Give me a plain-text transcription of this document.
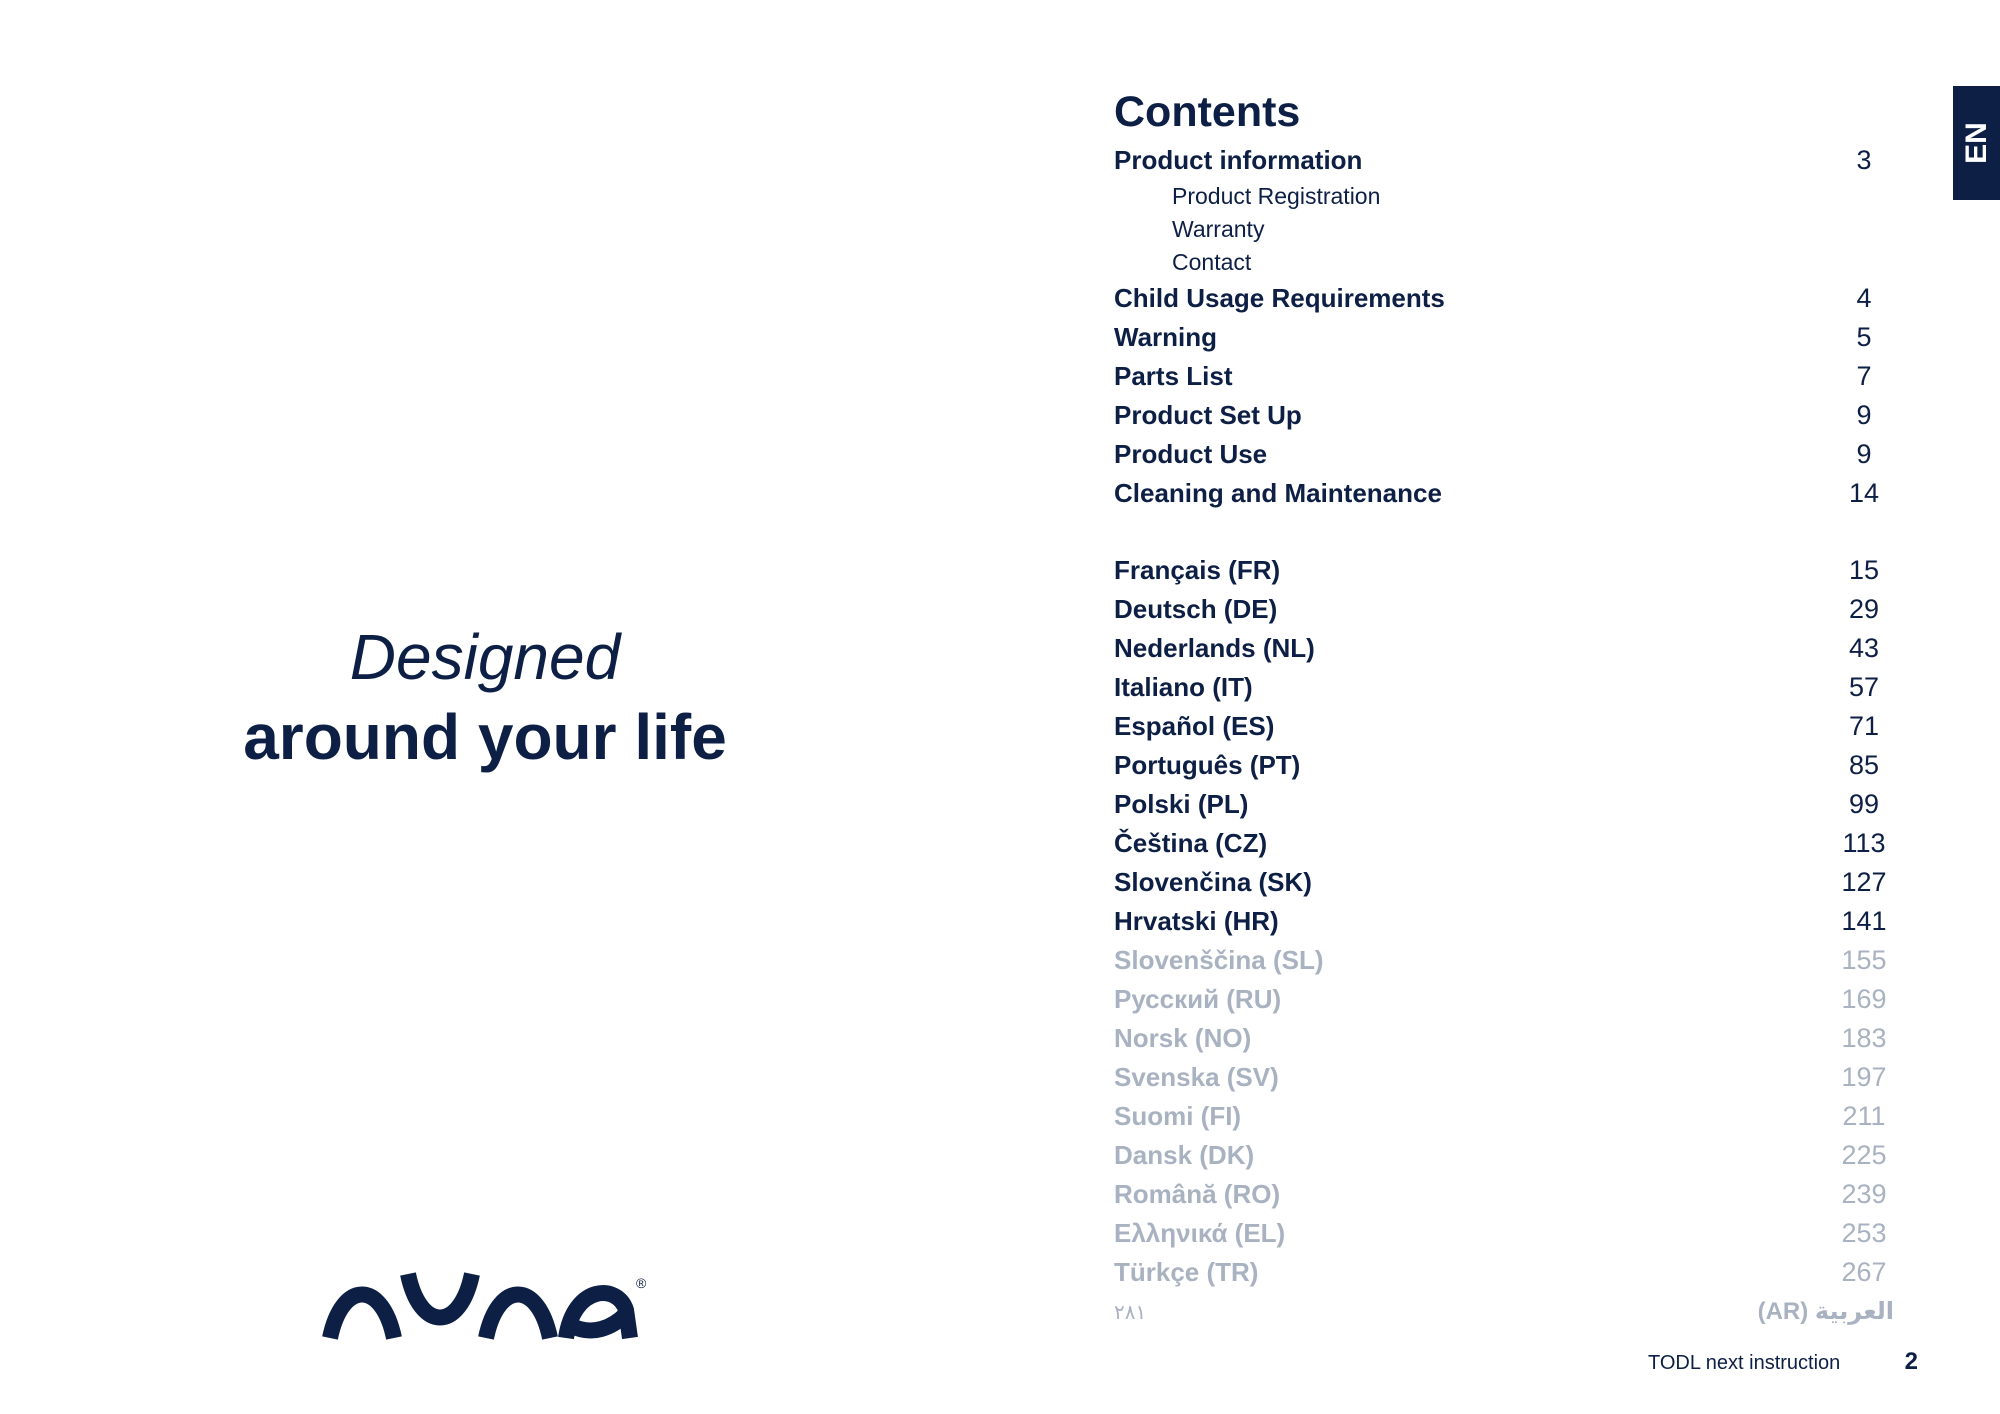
Designed
around your life
®
EN
Contents
Product information	3
Product Registration
Warranty
Contact
Child Usage Requirements	4
Warning	5
Parts List	7
Product Set Up	9
Product Use	9
Cleaning and Maintenance	14
Français (FR)	15
Deutsch (DE)	29
Nederlands (NL)	43
Italiano (IT)	57
Español (ES)	71
Português (PT)	85
Polski (PL)	99
Čeština (CZ)	113
Slovenčina (SK)	127
Hrvatski (HR)	141
Slovenščina (SL)	155
Русский (RU)	169
Norsk (NO)	183
Svenska (SV)	197
Suomi (FI)	211
Dansk (DK)	225
Română (RO)	239
Ελληνικά (EL)	253
Türkçe (TR)	267
٢٨١	العربية (AR)
TODL next instruction	2
